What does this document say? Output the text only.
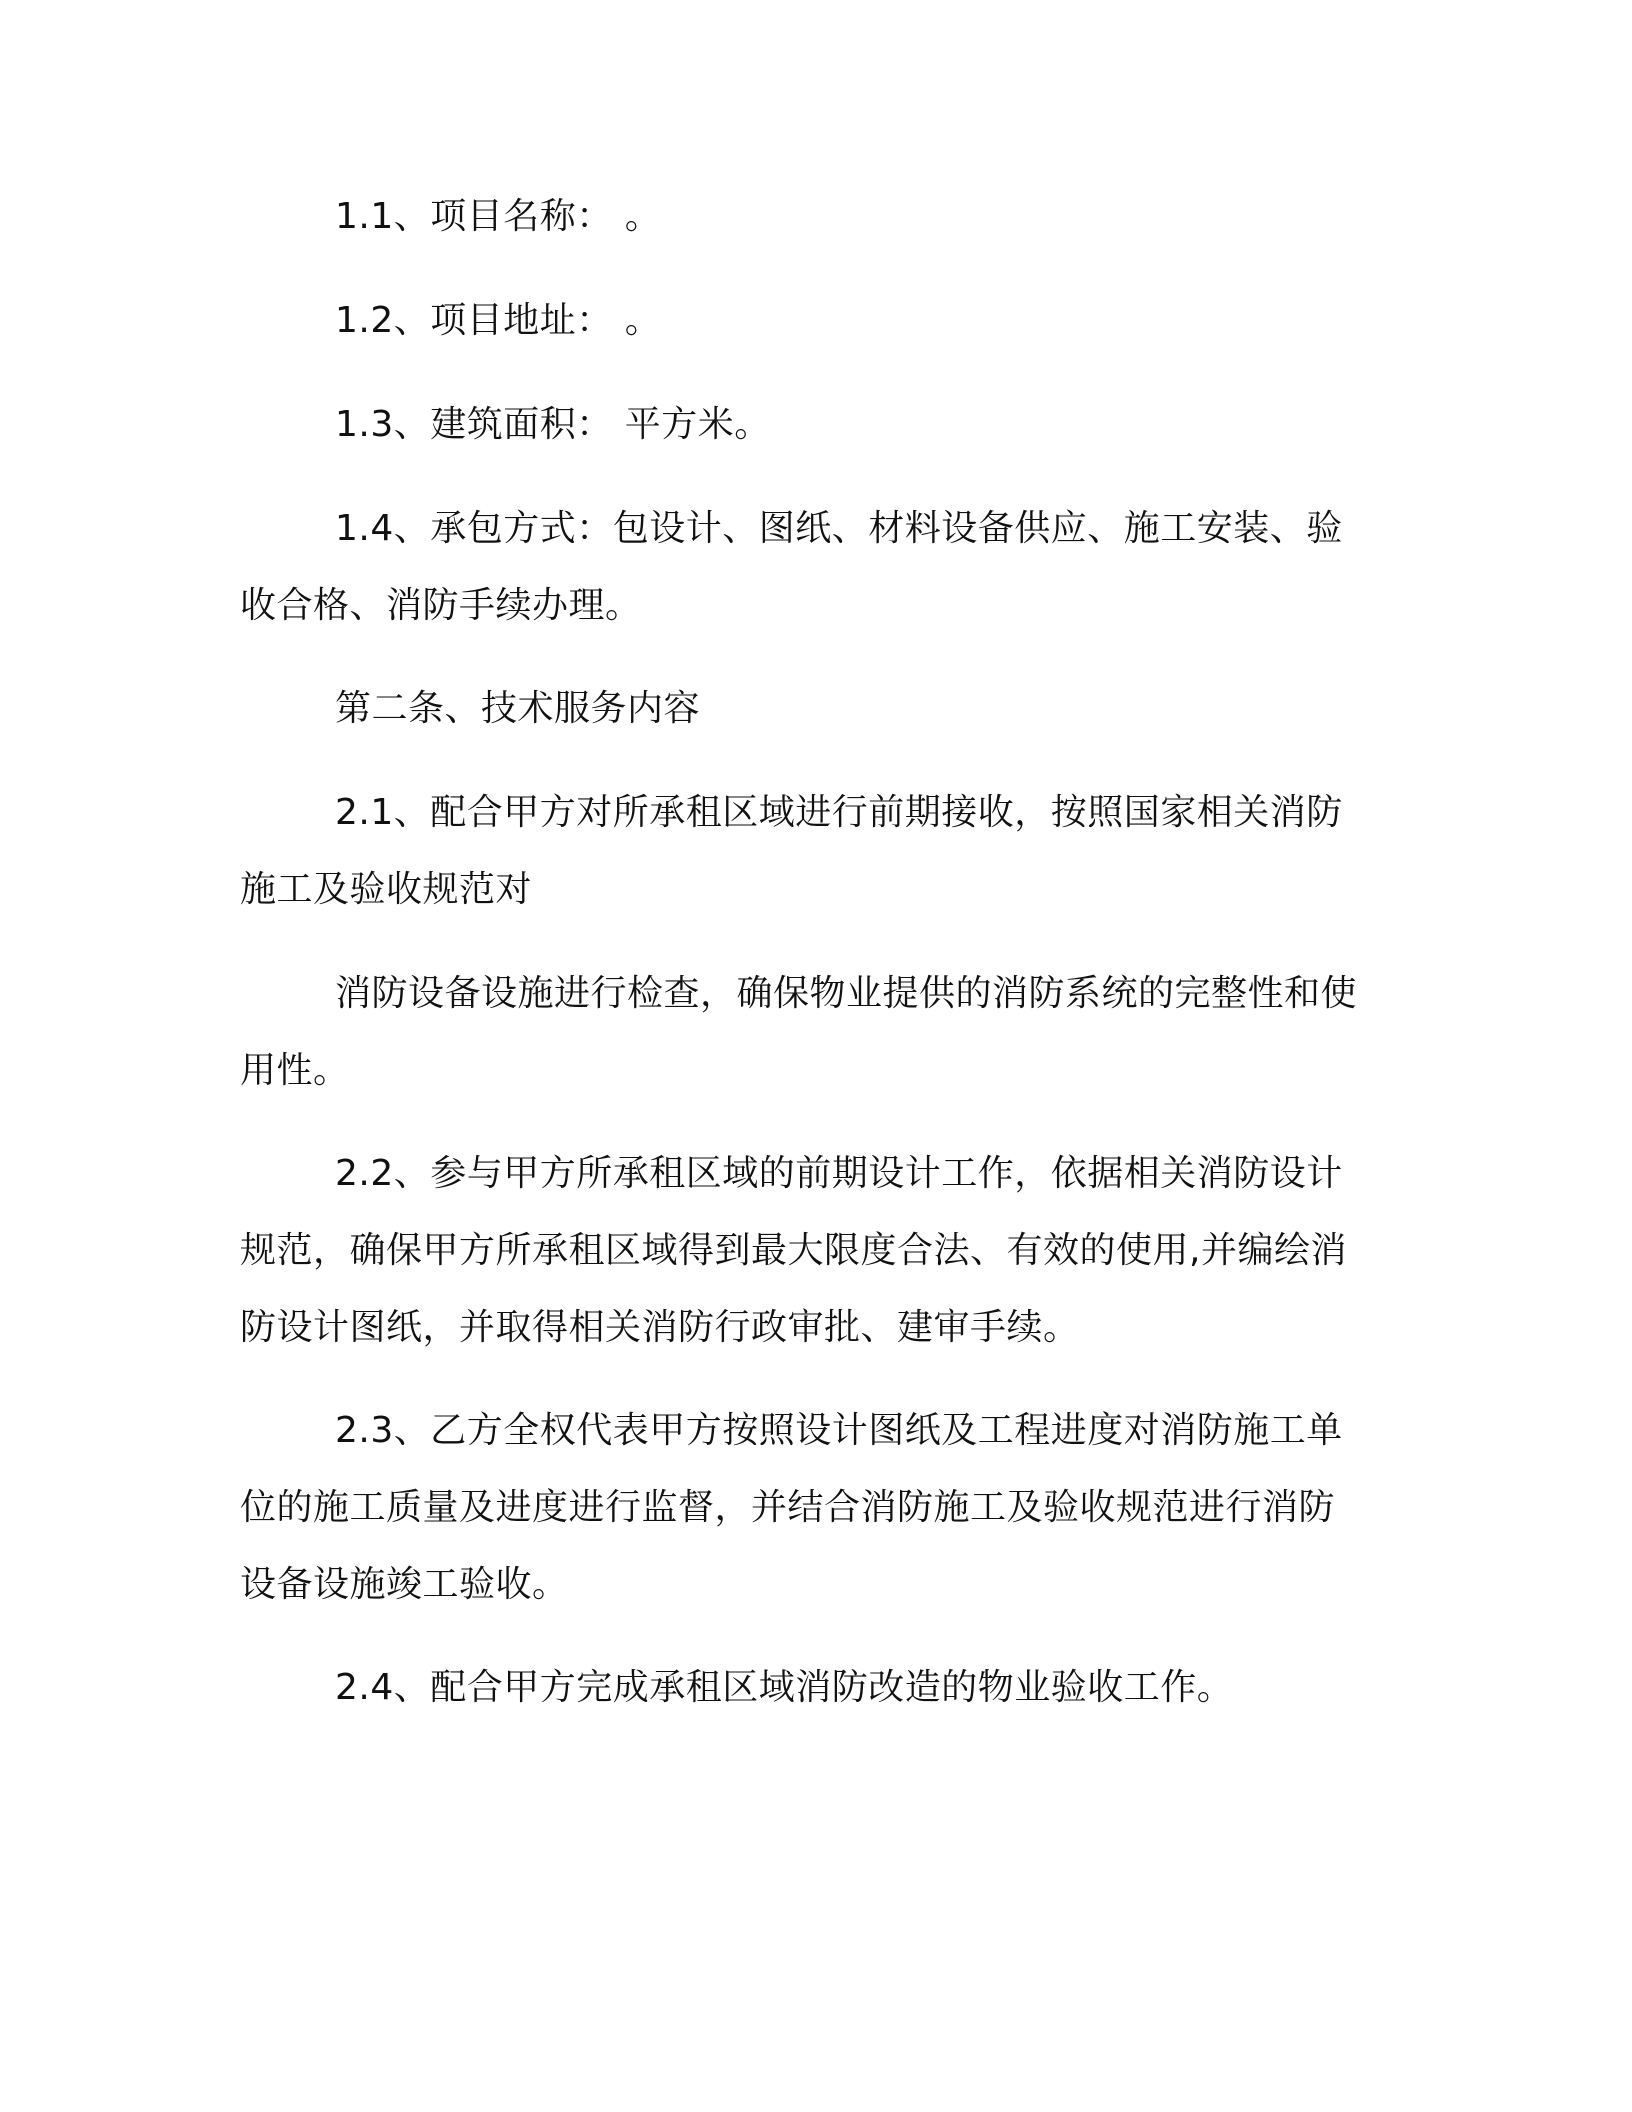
1.1、项目名称： 。

1.2、项目地址： 。

1.3、建筑面积： 平方米。

1.4、承包方式：包设计、图纸、材料设备供应、施工安装、验
收合格、消防手续办理。

第二条、技术服务内容

2.1、配合甲方对所承租区域进行前期接收，按照国家相关消防
施工及验收规范对

消防设备设施进行检查，确保物业提供的消防系统的完整性和使
用性。

2.2、参与甲方所承租区域的前期设计工作，依据相关消防设计
规范，确保甲方所承租区域得到最大限度合法、有效的使用,并编绘消
防设计图纸，并取得相关消防行政审批、建审手续。

2.3、乙方全权代表甲方按照设计图纸及工程进度对消防施工单
位的施工质量及进度进行监督，并结合消防施工及验收规范进行消防
设备设施竣工验收。

2.4、配合甲方完成承租区域消防改造的物业验收工作。
